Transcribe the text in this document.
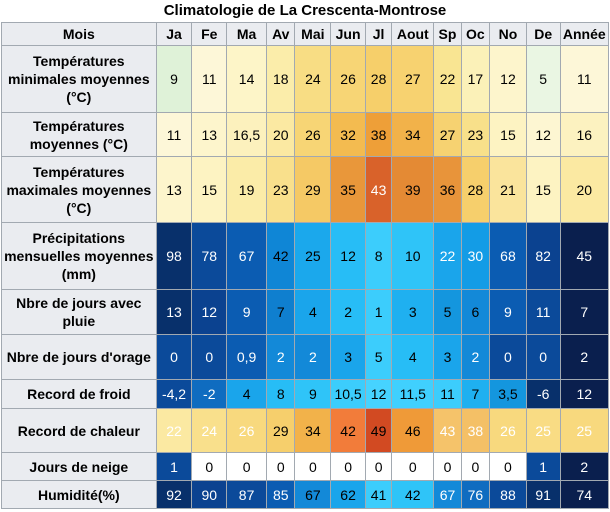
Climatologie de La Crescenta-Montrose
Mois	Ja	Fe	Ma	Av	Mai	Jun	Jl	Aout	Sp	Oc	No	De	Année
Températures minimales moyennes (°C)	9	11	14	18	24	26	28	27	22	17	12	5	11
Températures moyennes (°C)	11	13	16,5	20	26	32	38	34	27	23	15	12	16
Températures maximales moyennes (°C)	13	15	19	23	29	35	43	39	36	28	21	15	20
Précipitations mensuelles moyennes (mm)	98	78	67	42	25	12	8	10	22	30	68	82	45
Nbre de jours avec pluie	13	12	9	7	4	2	1	3	5	6	9	11	7
Nbre de jours d'orage	0	0	0,9	2	2	3	5	4	3	2	0	0	2
Record de froid	-4,2	-2	4	8	9	10,5	12	11,5	11	7	3,5	-6	12
Record de chaleur	22	24	26	29	34	42	49	46	43	38	26	25	25
Jours de neige	1	0	0	0	0	0	0	0	0	0	0	1	2
Humidité(%)	92	90	87	85	67	62	41	42	67	76	88	91	74
